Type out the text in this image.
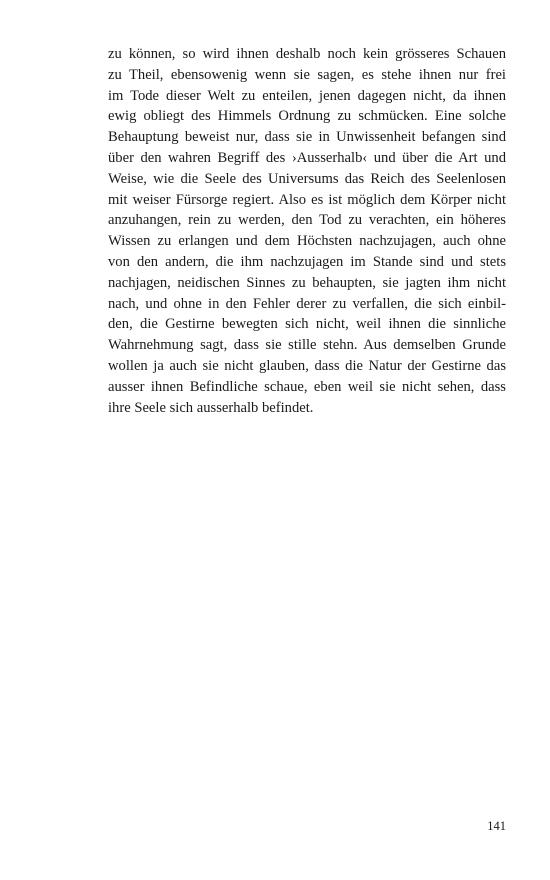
zu können, so wird ihnen deshalb noch kein grösseres Schauen
zu Theil, ebensowenig wenn sie sagen, es stehe ihnen nur frei
im Tode dieser Welt zu enteilen, jenen dagegen nicht, da ihnen
ewig obliegt des Himmels Ordnung zu schmücken. Eine solche
Behauptung beweist nur, dass sie in Unwissenheit befangen sind
über den wahren Begriff des ›Ausserhalb‹ und über die Art und
Weise, wie die Seele des Universums das Reich des Seelenlosen
mit weiser Fürsorge regiert. Also es ist möglich dem Körper nicht
anzuhangen, rein zu werden, den Tod zu verachten, ein höheres
Wissen zu erlangen und dem Höchsten nachzujagen, auch ohne
von den andern, die ihm nachzujagen im Stande sind und stets
nachjagen, neidischen Sinnes zu behaupten, sie jagten ihm nicht
nach, und ohne in den Fehler derer zu verfallen, die sich einbil-
den, die Gestirne bewegten sich nicht, weil ihnen die sinnliche
Wahrnehmung sagt, dass sie stille stehn. Aus demselben Grunde
wollen ja auch sie nicht glauben, dass die Natur der Gestirne das
ausser ihnen Befindliche schaue, eben weil sie nicht sehen, dass
ihre Seele sich ausserhalb befindet.
141
